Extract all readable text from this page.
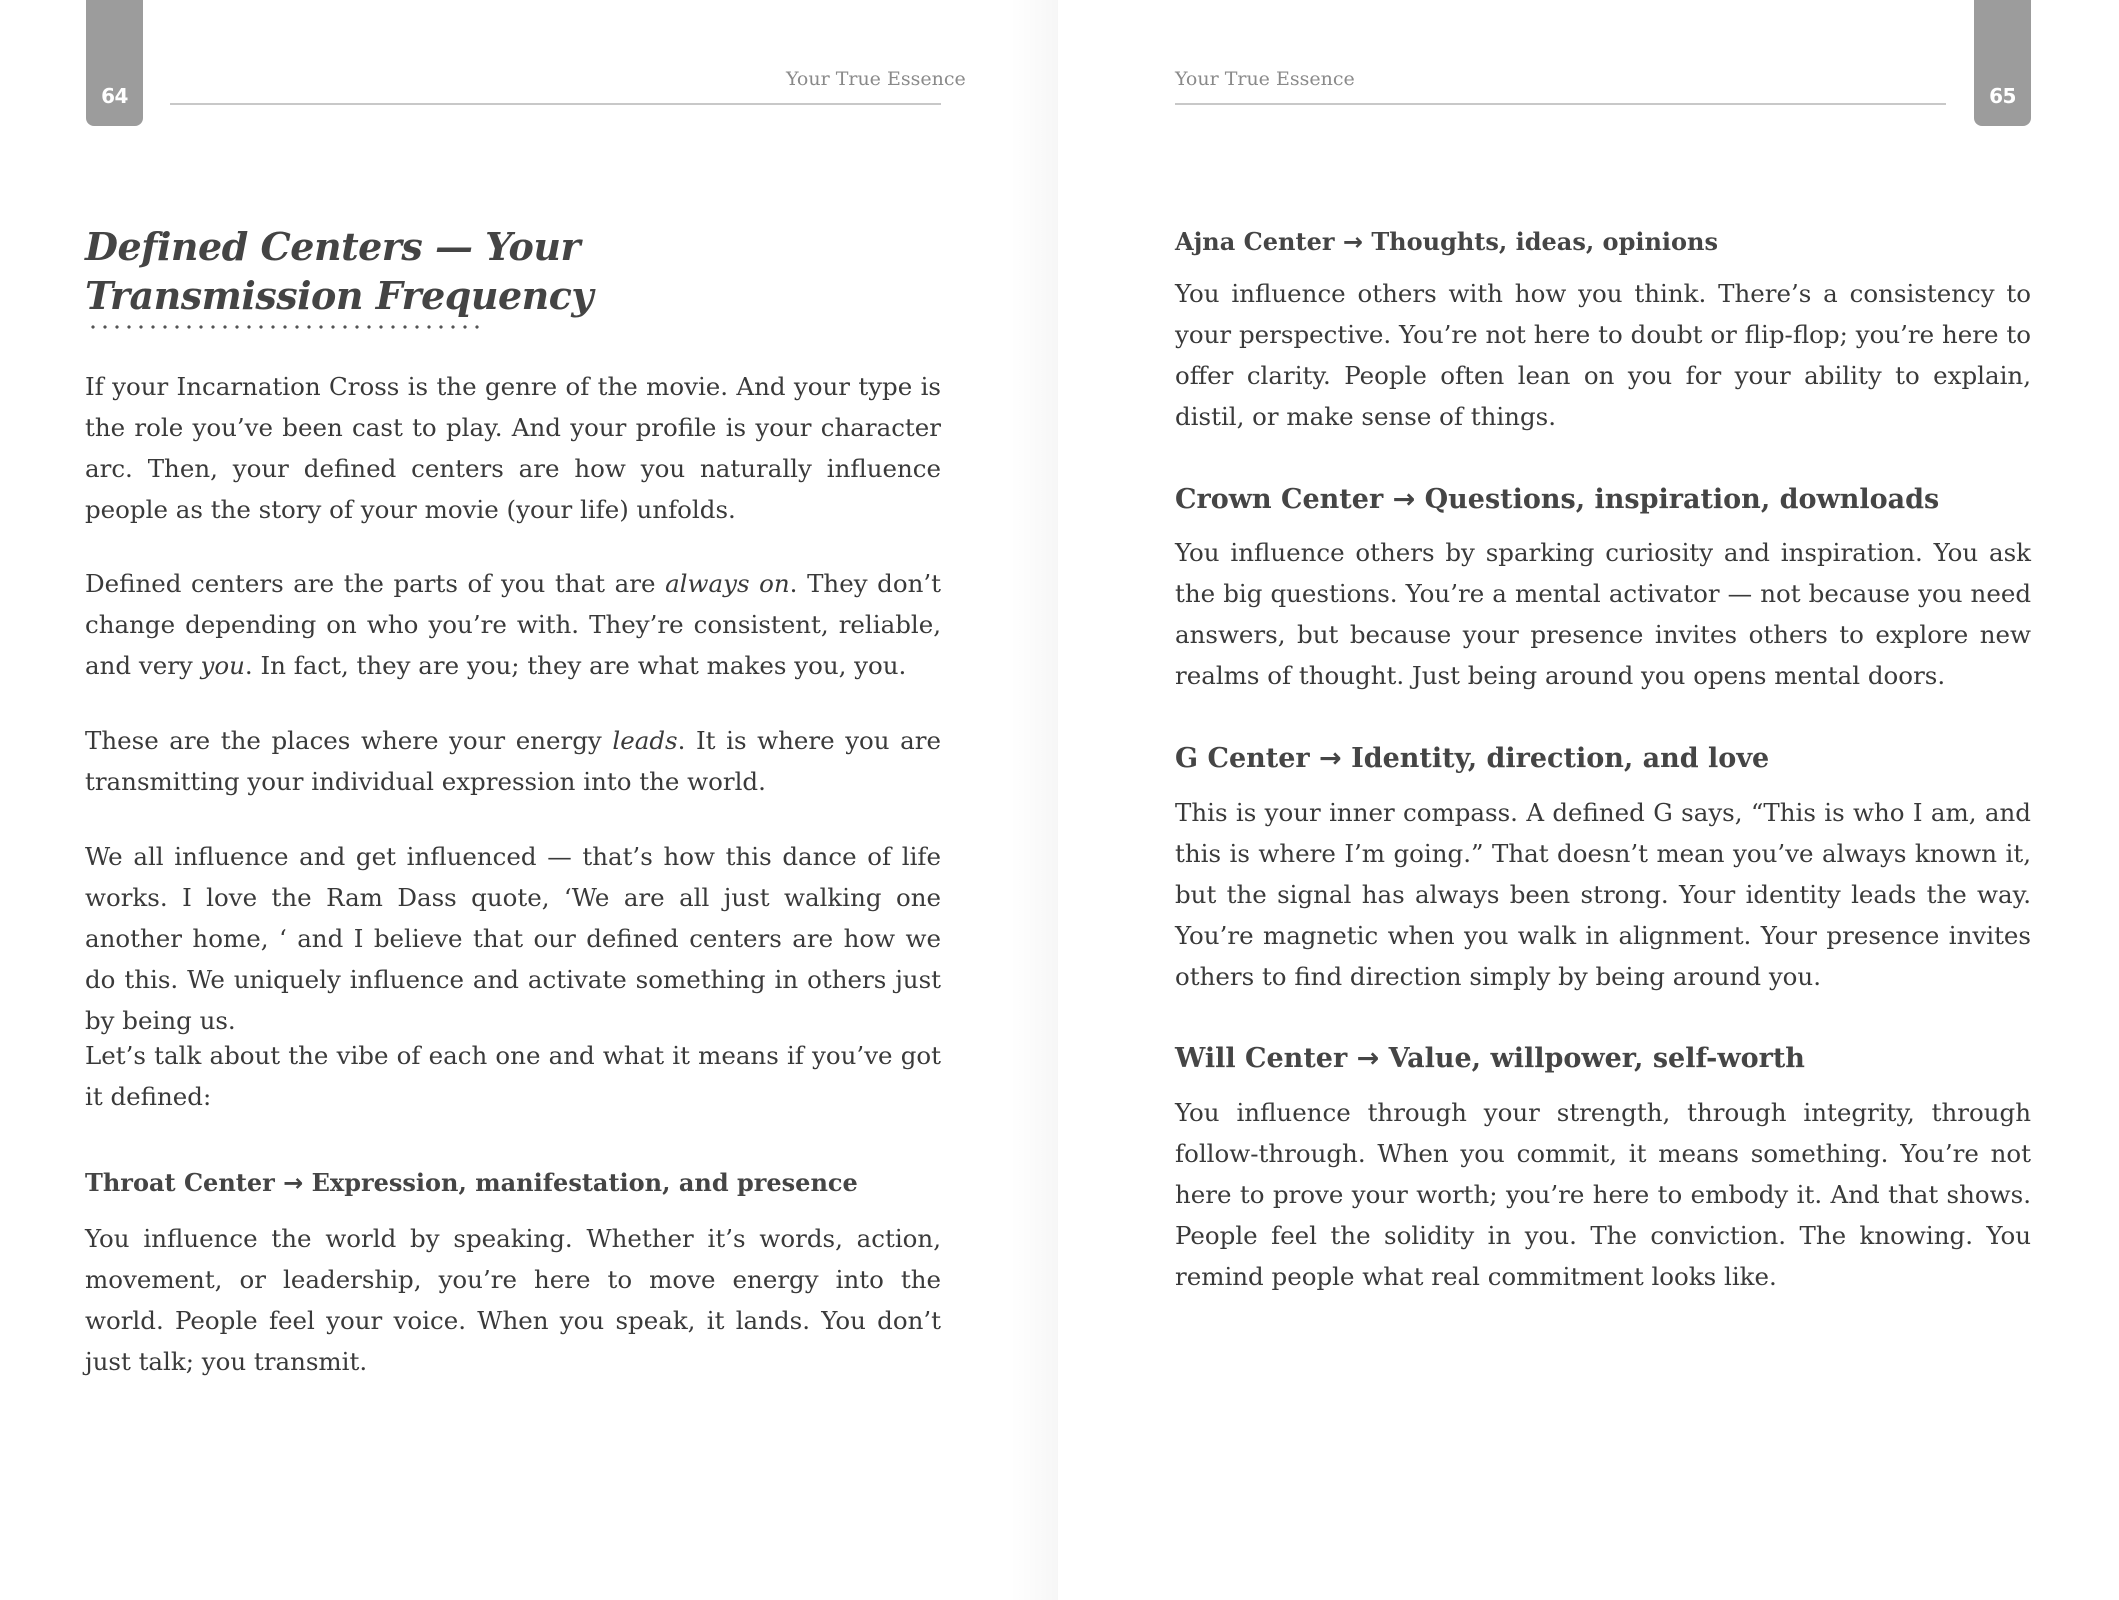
64
Your True Essence
Defined Centers — Your
Transmission Frequency

If your Incarnation Cross is the genre of the movie. And your type is the role you’ve been cast to play. And your profile is your character arc. Then, your defined centers are how you naturally influence people as the story of your movie (your life) unfolds.

Defined centers are the parts of you that are always on. They don’t change depending on who you’re with. They’re consistent, reliable, and very you. In fact, they are you; they are what makes you, you.

These are the places where your energy leads. It is where you are transmitting your individual expression into the world.

We all influence and get influenced — that’s how this dance of life works. I love the Ram Dass quote, ‘We are all just walking one another home, ‘ and I believe that our defined centers are how we do this. We uniquely influence and activate something in others just by being us.

Let’s talk about the vibe of each one and what it means if you’ve got it defined:

Throat Center → Expression, manifestation, and presence

You influence the world by speaking. Whether it’s words, action, movement, or leadership, you’re here to move energy into the world. People feel your voice. When you speak, it lands. You don’t just talk; you transmit.

65
Your True Essence
Ajna Center → Thoughts, ideas, opinions

You influence others with how you think. There’s a consistency to your perspective. You’re not here to doubt or flip-flop; you’re here to offer clarity. People often lean on you for your ability to explain, distil, or make sense of things.

Crown Center → Questions, inspiration, downloads

You influence others by sparking curiosity and inspiration. You ask the big questions. You’re a mental activator — not because you need answers, but because your presence invites others to explore new realms of thought. Just being around you opens mental doors.

G Center → Identity, direction, and love

This is your inner compass. A defined G says, “This is who I am, and this is where I’m going.” That doesn’t mean you’ve always known it, but the signal has always been strong. Your identity leads the way. You’re magnetic when you walk in alignment. Your presence invites others to find direction simply by being around you.

Will Center → Value, willpower, self-worth

You influence through your strength, through integrity, through follow-through. When you commit, it means something. You’re not here to prove your worth; you’re here to embody it. And that shows. People feel the solidity in you. The conviction. The knowing. You remind people what real commitment looks like.
